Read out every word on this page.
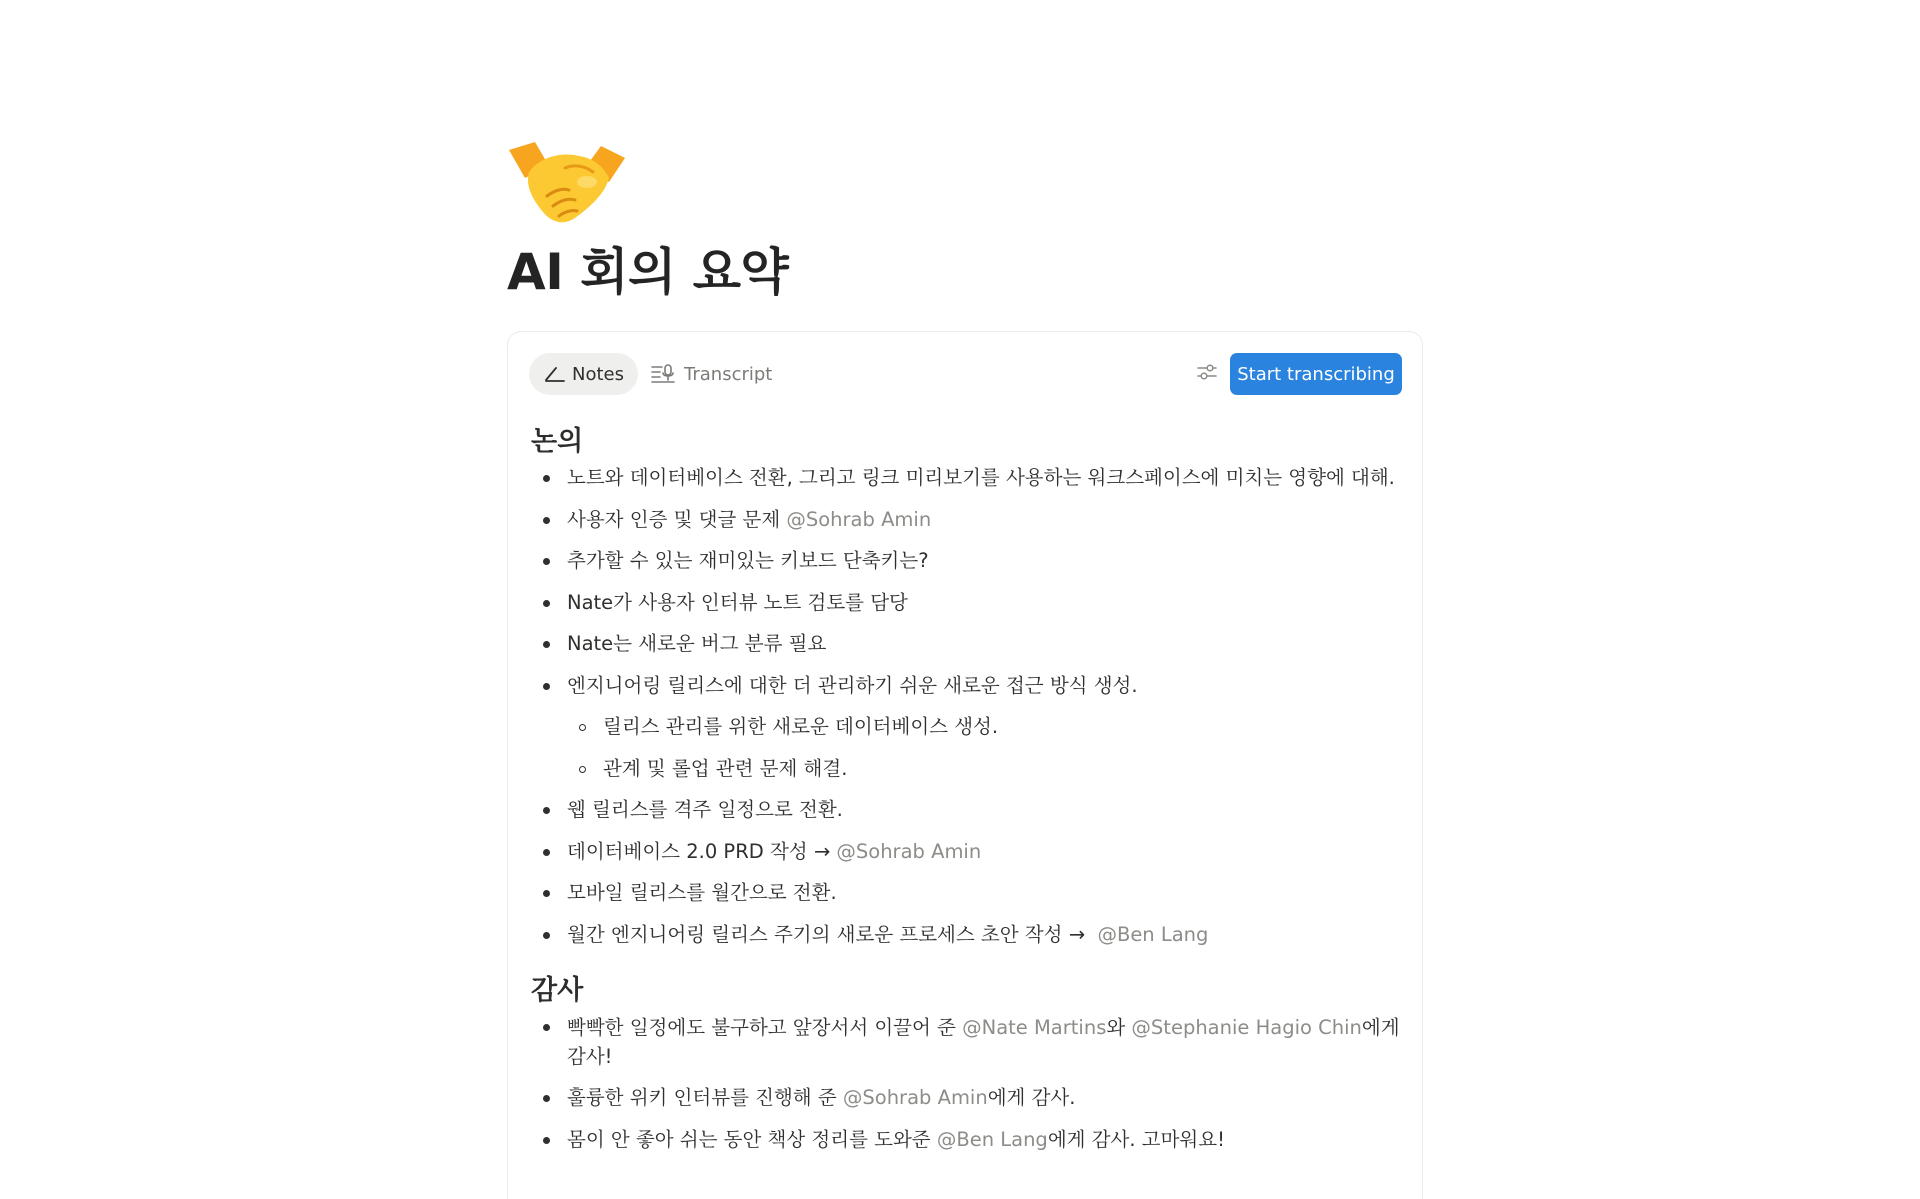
AI 회의 요약
Notes	Transcript	Start transcribing
논의
노트와 데이터베이스 전환, 그리고 링크 미리보기를 사용하는 워크스페이스에 미치는 영향에 대해.
사용자 인증 및 댓글 문제 @Sohrab Amin
추가할 수 있는 재미있는 키보드 단축키는?
Nate가 사용자 인터뷰 노트 검토를 담당
Nate는 새로운 버그 분류 필요
엔지니어링 릴리스에 대한 더 관리하기 쉬운 새로운 접근 방식 생성.
릴리스 관리를 위한 새로운 데이터베이스 생성.
관계 및 롤업 관련 문제 해결.
웹 릴리스를 격주 일정으로 전환.
데이터베이스 2.0 PRD 작성 → @Sohrab Amin
모바일 릴리스를 월간으로 전환.
월간 엔지니어링 릴리스 주기의 새로운 프로세스 초안 작성 → @Ben Lang
감사
빡빡한 일정에도 불구하고 앞장서서 이끌어 준 @Nate Martins와 @Stephanie Hagio Chin에게 감사!
훌륭한 위키 인터뷰를 진행해 준 @Sohrab Amin에게 감사.
몸이 안 좋아 쉬는 동안 책상 정리를 도와준 @Ben Lang에게 감사. 고마워요!
